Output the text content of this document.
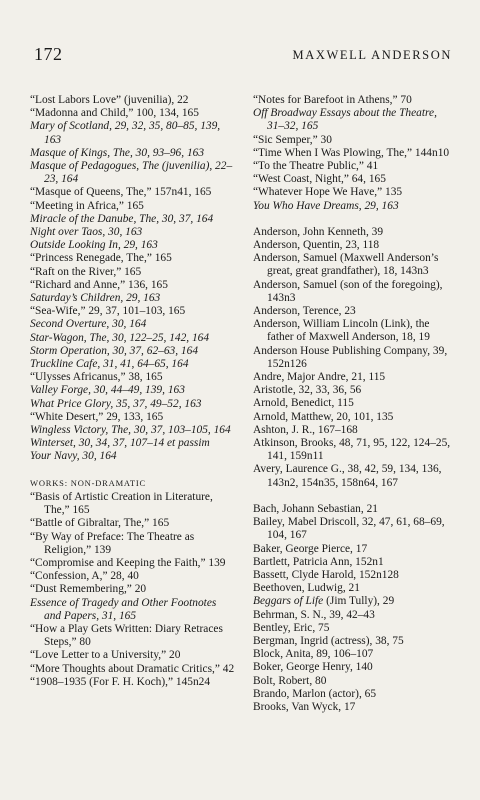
172	MAXWELL ANDERSON

“Lost Labors Love” (juvenilia), 22

“Madonna and Child,” 100, 134, 165

Mary of Scotland, 29, 32, 35, 80–85, 139, 163

Masque of Kings, The, 30, 93–96, 163

Masque of Pedagogues, The (juvenilia), 22–23, 164

“Masque of Queens, The,” 157n41, 165

“Meeting in Africa,” 165

Miracle of the Danube, The, 30, 37, 164

Night over Taos, 30, 163

Outside Looking In, 29, 163

“Princess Renegade, The,” 165

“Raft on the River,” 165

“Richard and Anne,” 136, 165

Saturday’s Children, 29, 163

“Sea-Wife,” 29, 37, 101–103, 165

Second Overture, 30, 164

Star-Wagon, The, 30, 122–25, 142, 164

Storm Operation, 30, 37, 62–63, 164

Truckline Cafe, 31, 41, 64–65, 164

“Ulysses Africanus,” 38, 165

Valley Forge, 30, 44–49, 139, 163

What Price Glory, 35, 37, 49–52, 163

“White Desert,” 29, 133, 165

Wingless Victory, The, 30, 37, 103–105, 164

Winterset, 30, 34, 37, 107–14 et passim

Your Navy, 30, 164

WORKS: NON-DRAMATIC

“Basis of Artistic Creation in Literature, The,” 165

“Battle of Gibraltar, The,” 165

“By Way of Preface: The Theatre as Religion,” 139

“Compromise and Keeping the Faith,” 139

“Confession, A,” 28, 40

“Dust Remembering,” 20

Essence of Tragedy and Other Footnotes and Papers, 31, 165

“How a Play Gets Written: Diary Retraces Steps,” 80

“Love Letter to a University,” 20

“More Thoughts about Dramatic Critics,” 42

“1908–1935 (For F. H. Koch),” 145n24

“Notes for Barefoot in Athens,” 70

Off Broadway Essays about the Theatre, 31–32, 165

“Sic Semper,” 30

“Time When I Was Plowing, The,” 144n10

“To the Theatre Public,” 41

“West Coast, Night,” 64, 165

“Whatever Hope We Have,” 135

You Who Have Dreams, 29, 163

Anderson, John Kenneth, 39

Anderson, Quentin, 23, 118

Anderson, Samuel (Maxwell Anderson’s great, great grandfather), 18, 143n3

Anderson, Samuel (son of the foregoing), 143n3

Anderson, Terence, 23

Anderson, William Lincoln (Link), the father of Maxwell Anderson, 18, 19

Anderson House Publishing Company, 39, 152n126

Andre, Major Andre, 21, 115

Aristotle, 32, 33, 36, 56

Arnold, Benedict, 115

Arnold, Matthew, 20, 101, 135

Ashton, J. R., 167–168

Atkinson, Brooks, 48, 71, 95, 122, 124–25, 141, 159n11

Avery, Laurence G., 38, 42, 59, 134, 136, 143n2, 154n35, 158n64, 167

Bach, Johann Sebastian, 21

Bailey, Mabel Driscoll, 32, 47, 61, 68–69, 104, 167

Baker, George Pierce, 17

Bartlett, Patricia Ann, 152n1

Bassett, Clyde Harold, 152n128

Beethoven, Ludwig, 21

Beggars of Life (Jim Tully), 29

Behrman, S. N., 39, 42–43

Bentley, Eric, 75

Bergman, Ingrid (actress), 38, 75

Block, Anita, 89, 106–107

Boker, George Henry, 140

Bolt, Robert, 80

Brando, Marlon (actor), 65

Brooks, Van Wyck, 17
